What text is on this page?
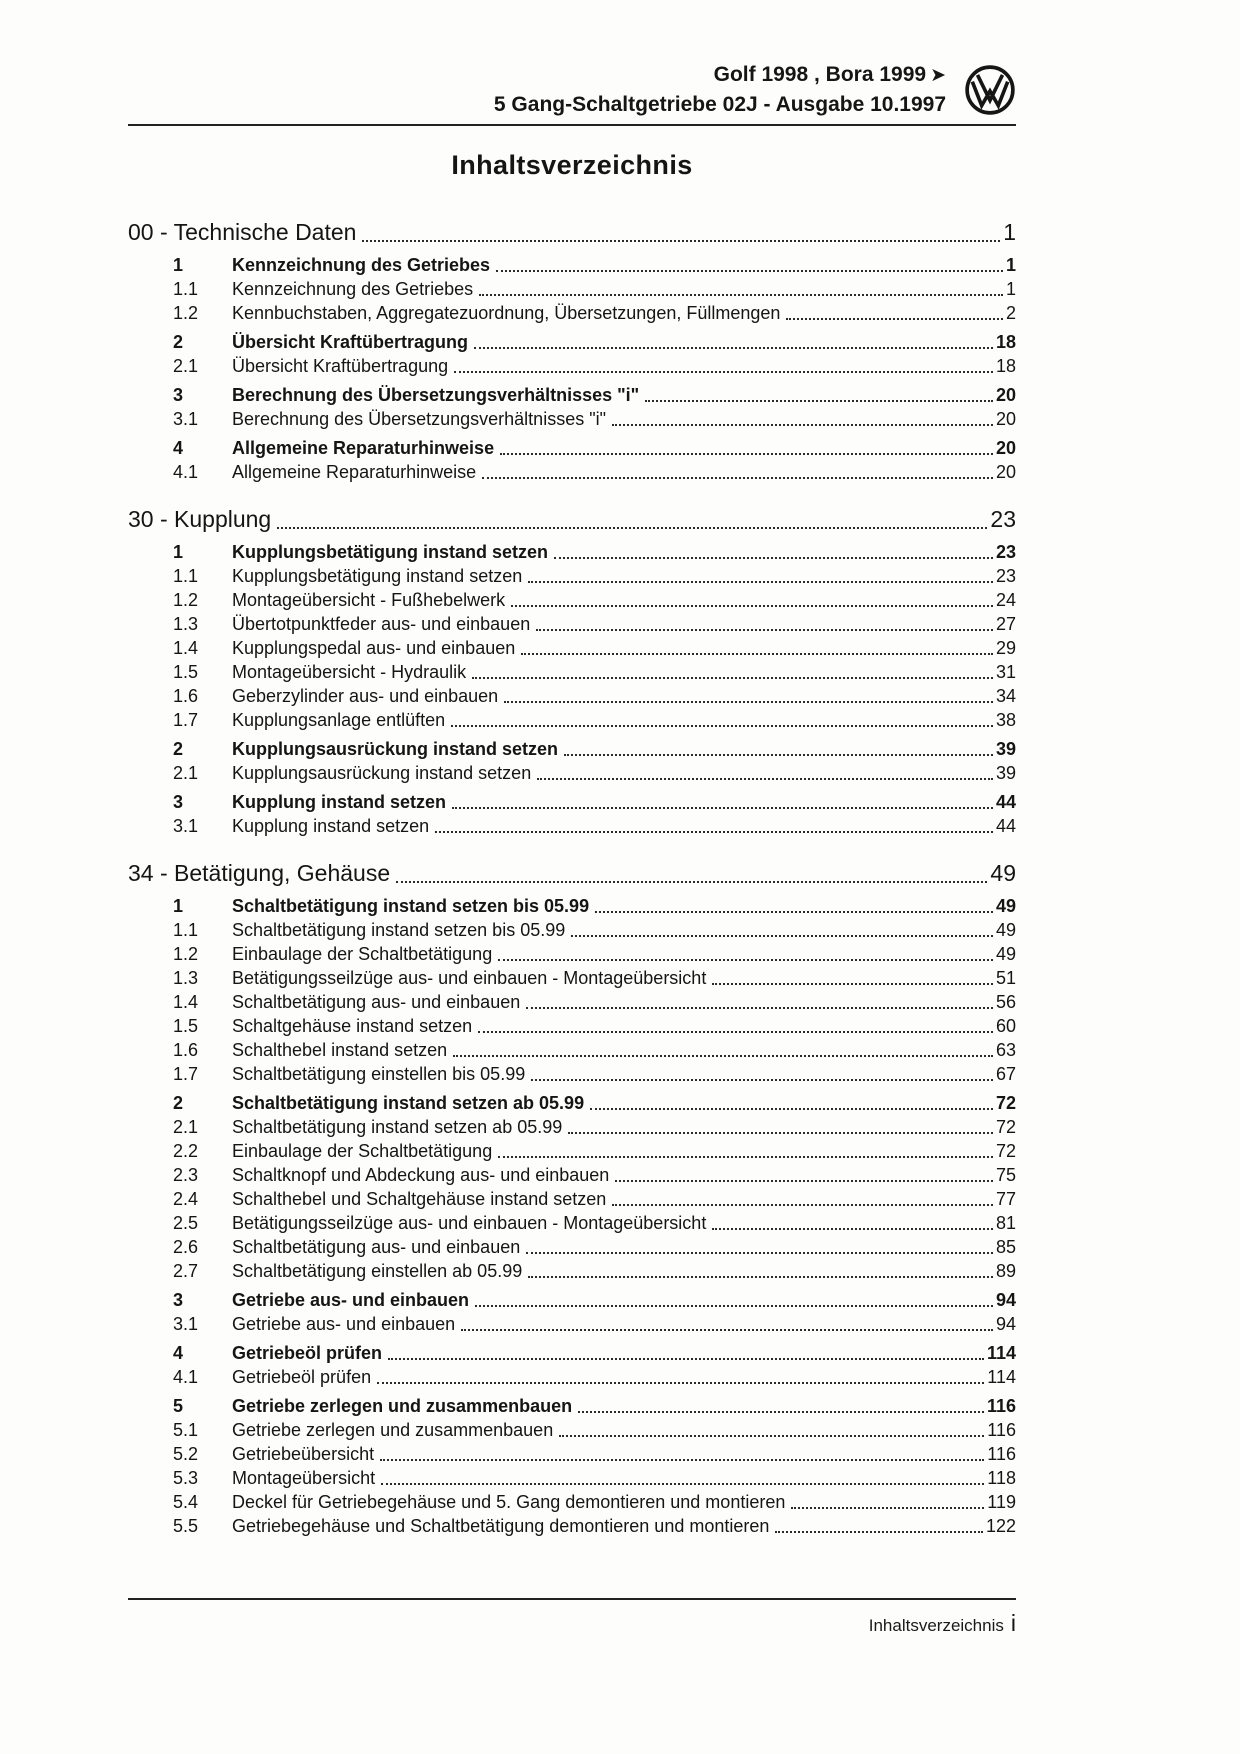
Golf 1998 , Bora 1999 ➤
5 Gang-Schaltgetriebe 02J - Ausgabe 10.1997
Inhaltsverzeichnis
00 - Technische Daten	1
1	Kennzeichnung des Getriebes	1
1.1	Kennzeichnung des Getriebes	1
1.2	Kennbuchstaben, Aggregatezuordnung, Übersetzungen, Füllmengen	2
2	Übersicht Kraftübertragung	18
2.1	Übersicht Kraftübertragung	18
3	Berechnung des Übersetzungsverhältnisses "i"	20
3.1	Berechnung des Übersetzungsverhältnisses "i"	20
4	Allgemeine Reparaturhinweise	20
4.1	Allgemeine Reparaturhinweise	20
30 - Kupplung	23
1	Kupplungsbetätigung instand setzen	23
1.1	Kupplungsbetätigung instand setzen	23
1.2	Montageübersicht - Fußhebelwerk	24
1.3	Übertotpunktfeder aus- und einbauen	27
1.4	Kupplungspedal aus- und einbauen	29
1.5	Montageübersicht - Hydraulik	31
1.6	Geberzylinder aus- und einbauen	34
1.7	Kupplungsanlage entlüften	38
2	Kupplungsausrückung instand setzen	39
2.1	Kupplungsausrückung instand setzen	39
3	Kupplung instand setzen	44
3.1	Kupplung instand setzen	44
34 - Betätigung, Gehäuse	49
1	Schaltbetätigung instand setzen bis 05.99	49
1.1	Schaltbetätigung instand setzen bis 05.99	49
1.2	Einbaulage der Schaltbetätigung	49
1.3	Betätigungsseilzüge aus- und einbauen - Montageübersicht	51
1.4	Schaltbetätigung aus- und einbauen	56
1.5	Schaltgehäuse instand setzen	60
1.6	Schalthebel instand setzen	63
1.7	Schaltbetätigung einstellen bis 05.99	67
2	Schaltbetätigung instand setzen ab 05.99	72
2.1	Schaltbetätigung instand setzen ab 05.99	72
2.2	Einbaulage der Schaltbetätigung	72
2.3	Schaltknopf und Abdeckung aus- und einbauen	75
2.4	Schalthebel und Schaltgehäuse instand setzen	77
2.5	Betätigungsseilzüge aus- und einbauen - Montageübersicht	81
2.6	Schaltbetätigung aus- und einbauen	85
2.7	Schaltbetätigung einstellen ab 05.99	89
3	Getriebe aus- und einbauen	94
3.1	Getriebe aus- und einbauen	94
4	Getriebeöl prüfen	114
4.1	Getriebeöl prüfen	114
5	Getriebe zerlegen und zusammenbauen	116
5.1	Getriebe zerlegen und zusammenbauen	116
5.2	Getriebeübersicht	116
5.3	Montageübersicht	118
5.4	Deckel für Getriebegehäuse und 5. Gang demontieren und montieren	119
5.5	Getriebegehäuse und Schaltbetätigung demontieren und montieren	122
Inhaltsverzeichnis i
